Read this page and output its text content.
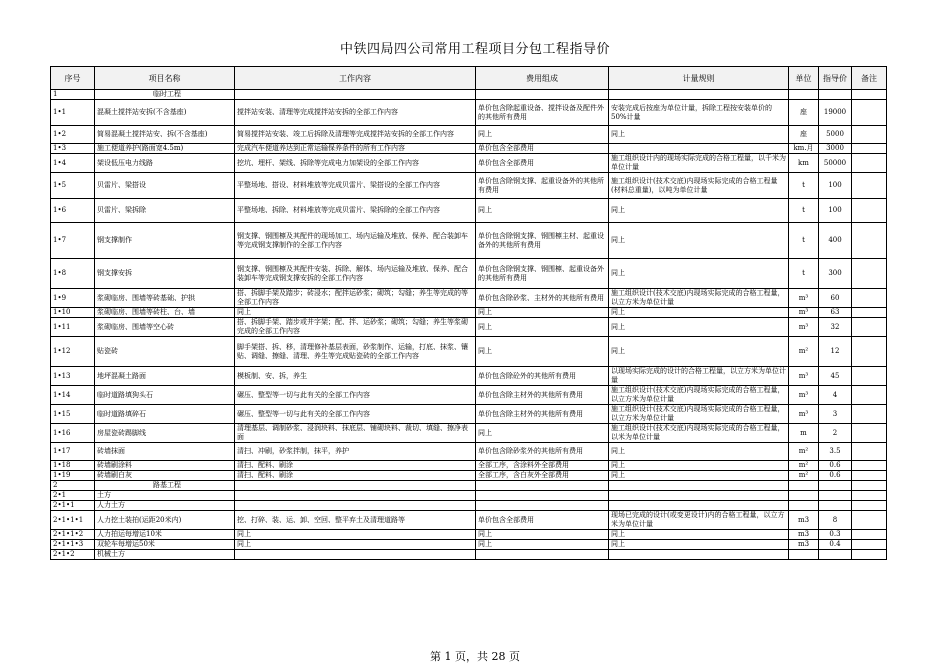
中铁四局四公司常用工程项目分包工程指导价
序号	项目名称	工作内容	费用组成	计量规则	单位	指导价	备注
1	临时工程						
1•1	混凝土搅拌站安拆(不含基座)	搅拌站安装、清理等完成搅拌站安拆的全部工作内容	单价包含除起重设备、搅拌设备及配件外的其他所有费用	安装完成后按座为单位计量，拆除工程按安装单价的50%计量	座	19000	
1•2	简易混凝土搅拌站安、拆(不含基座)	简易搅拌站安装、竣工后拆除及清理等完成搅拌站安拆的全部工作内容	同上	同上	座	5000	
1•3	施工便道养护(路面宽4.5m)	完成汽车便道养达到正常运输保养条件的所有工作内容	单价包含全部费用		km.月	3000	
1•4	架设低压电力线路	挖坑、埋杆、架线、拆除等完成电力加架设的全部工作内容	单价包含全部费用	施工组织设计内的现场实际完成的合格工程量，以千米为单位计量	km	50000	
1•5	贝雷片、梁搭设	平整场地、搭设、材料堆放等完成贝雷片、梁搭设的全部工作内容	单价包含除钢支撑、起重设备外的其他所有费用	施工组织设计(技术交底)内现场实际完成的合格工程量(材料总重量)，以吨为单位计量	t	100	
1•6	贝雷片、梁拆除	平整场地、拆除、材料堆放等完成贝雷片、梁拆除的全部工作内容	同上	同上	t	100	
1•7	钢支撑制作	钢支撑、钢围檩及其配件的现场加工、场内运输及堆放、保养、配合装卸车等完成钢支撑制作的全部工作内容	单价包含除钢支撑、钢围檩主材、起重设备外的其他所有费用	同上	t	400	
1•8	钢支撑安拆	钢支撑、钢围檩及其配件安装、拆除、解体、场内运输及堆放、保养、配合装卸车等完成钢支撑安拆的全部工作内容	单价包含除钢支撑、钢围檩、起重设备外的其他所有费用	同上	t	300	
1•9	浆砌临房、围墙等砖基础、护拱	搭、拆脚手架及踏步；砖浸水；配拌运砂浆；砌筑；勾缝；养生等完成的等全部工作内容	单价包含除砂浆、主材外的其他所有费用	施工组织设计(技术交底)内现场实际完成的合格工程量，以立方米为单位计量	m³	60	
1•10	浆砌临房、围墙等砖柱、台、墙	同上	同上	同上	m³	63	
1•11	浆砌临房、围墙等空心砖	搭、拆脚手架、踏步或井字架；配、拌、运砂浆；砌筑；勾缝；养生等浆砌完成的全部工作内容	同上	同上	m³	32	
1•12	贴瓷砖	脚手架搭、拆、移，清理修补基层表面，砂浆制作、运输，打底、抹浆、镶贴、调缝、擦缝、清理、养生等完成贴瓷砖的全部工作内容	同上	同上	m²	12	
1•13	地坪混凝土路面	模板制、安、拆，养生	单价包含除砼外的其他所有费用	以现场实际完成的设计的合格工程量，以立方米为单位计量	m³	45	
1•14	临时道路填狗头石	碾压、整型等一切与此有关的全部工作内容	单价包含除主材外的其他所有费用	施工组织设计(技术交底)内现场实际完成的合格工程量，以立方米为单位计量	m³	4	
1•15	临时道路填碎石	碾压、整型等一切与此有关的全部工作内容	单价包含除主材外的其他所有费用	施工组织设计(技术交底)内现场实际完成的合格工程量，以立方米为单位计量	m³	3	
1•16	房屋瓷砖踢脚线	清理基层、调制砂浆、浸润块料、抹底层、铺砌块料、裁切、填缝、擦净表面	同上	施工组织设计(技术交底)内现场实际完成的合格工程量，以米为单位计量	m	2	
1•17	砖墙抹面	清扫、冲刷，砂浆拌制，抹平，养护	单价包含除砂浆外的其他所有费用	同上	m²	3.5	
1•18	砖墙刷涂料	清扫、配料、刷涂	全部工序，含涂料外全部费用	同上	m²	0.6	
1•19	砖墙刷白灰	清扫、配料、刷涂	全部工序，含白灰外全部费用	同上	m²	0.6	
2	路基工程						
2•1	土方						
2•1•1	人力土方						
2•1•1•1	人力挖土装拍(运距20米内)	挖、打碎、装、运、卸、空回、整平弃土及清理道路等	单价包含全部费用	现场已完成的设计(或变更设计)内的合格工程量，以立方米为单位计量	m3	8	
2•1•1•2	人力拍运每增运10米	同上	同上	同上	m3	0.3	
2•1•1•3	双轮车每增运50米	同上	同上	同上	m3	0.4	
2•1•2	机械土方						
第 1 页，共 28 页
